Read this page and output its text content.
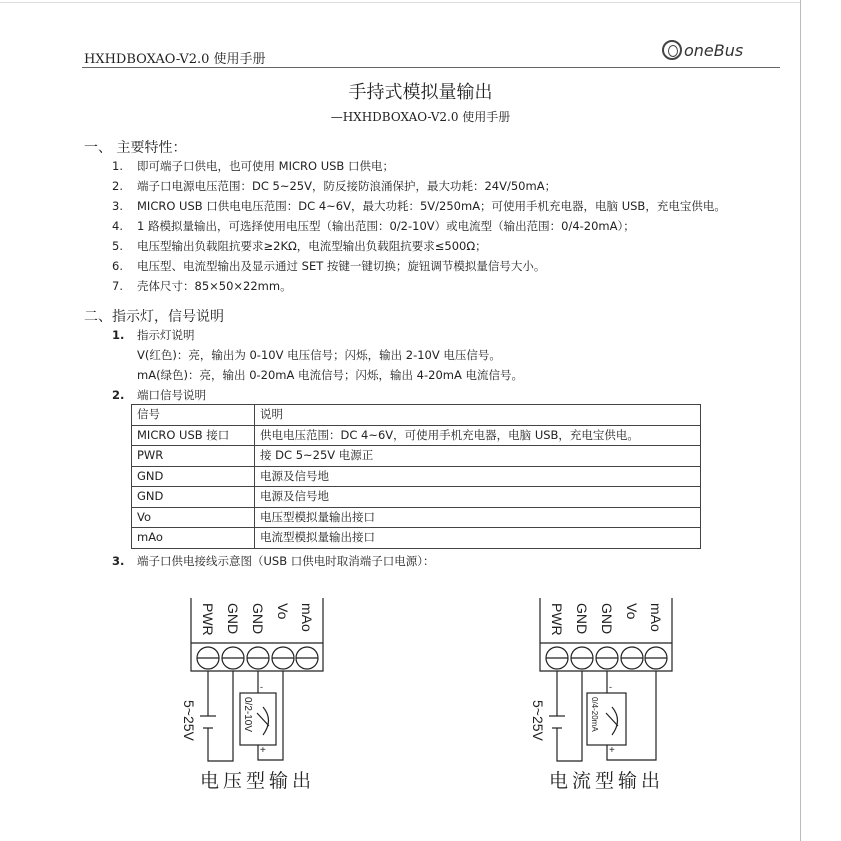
HXHDBOXAO-V2.0 使用手册	oneBus
手持式模拟量输出
—HXHDBOXAO-V2.0 使用手册
一、 主要特性：
1. 即可端子口供电，也可使用 MICRO USB 口供电；
2. 端子口电源电压范围：DC 5~25V，防反接防浪涌保护，最大功耗：24V/50mA；
3. MICRO USB 口供电电压范围：DC 4~6V，最大功耗：5V/250mA；可使用手机充电器，电脑 USB，充电宝供电。
4. 1 路模拟量输出，可选择使用电压型（输出范围：0/2-10V）或电流型（输出范围：0/4-20mA）；
5. 电压型输出负载阻抗要求≥2KΩ，电流型输出负载阻抗要求≤500Ω；
6. 电压型、电流型输出及显示通过 SET 按键一键切换；旋钮调节模拟量信号大小。
7. 壳体尺寸：85×50×22mm。
二、指示灯，信号说明
1. 指示灯说明
V(红色)：亮，输出为 0-10V 电压信号；闪烁，输出 2-10V 电压信号。
mA(绿色)：亮，输出 0-20mA 电流信号；闪烁，输出 4-20mA 电流信号。
2. 端口信号说明
信号	说明
MICRO USB 接口	供电电压范围：DC 4~6V，可使用手机充电器，电脑 USB，充电宝供电。
PWR	接 DC 5~25V 电源正
GND	电源及信号地
GND	电源及信号地
Vo	电压型模拟量输出接口
mAo	电流型模拟量输出接口
3. 端子口供电接线示意图（USB 口供电时取消端子口电源）：
PWR GND GND Vo mAo
5~25V	0/2-10V
-
+
电压型输出
PWR GND GND Vo mAo
5~25V	0/4-20mA
-
+
电流型输出
